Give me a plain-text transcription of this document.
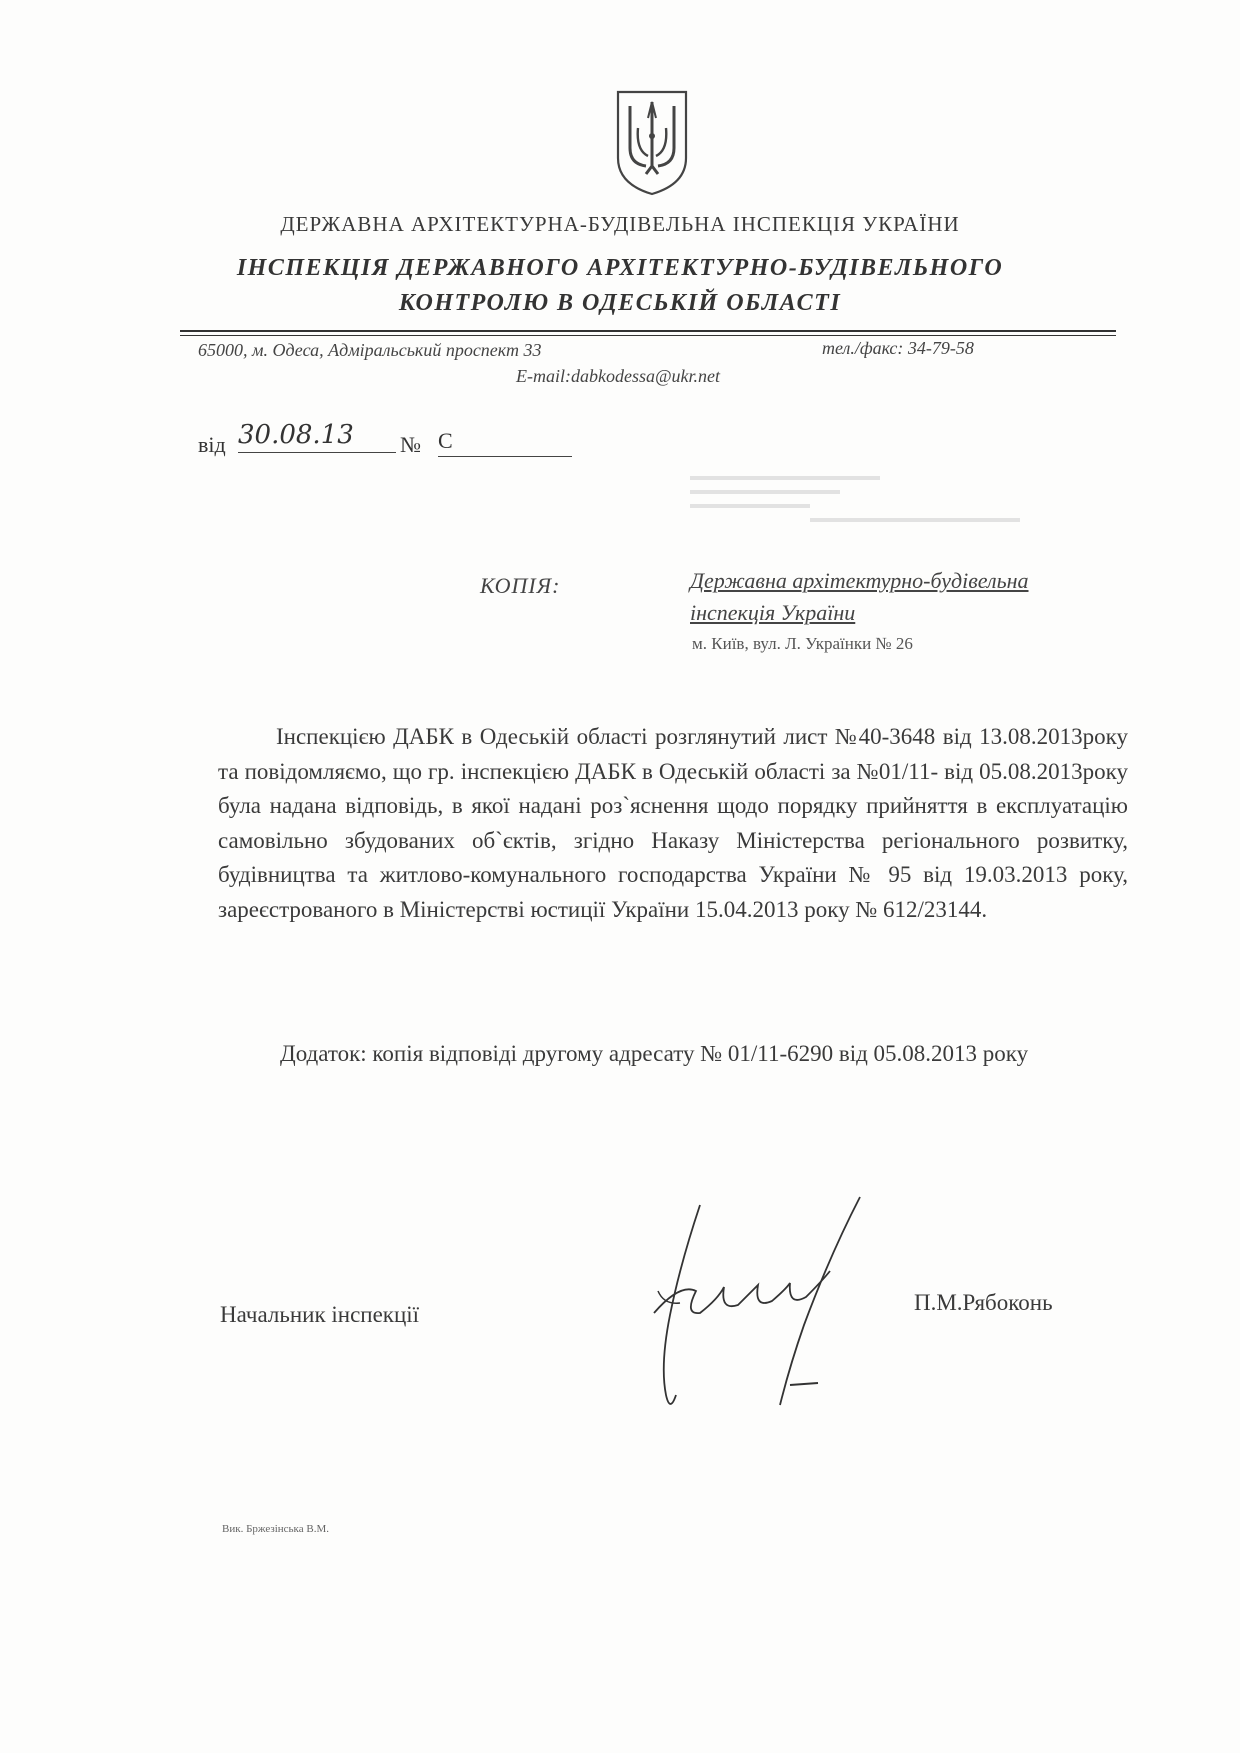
ДЕРЖАВНА АРХІТЕКТУРНА-БУДІВЕЛЬНА ІНСПЕКЦІЯ УКРАЇНИ
ІНСПЕКЦІЯ ДЕРЖАВНОГО АРХІТЕКТУРНО-БУДІВЕЛЬНОГО
КОНТРОЛЮ В ОДЕСЬКІЙ ОБЛАСТІ
65000, м. Одеса, Адміральський проспект 33	тел./факс: 34-79-58
E-mail:dabkodessa@ukr.net
від 30.08.13	№ С
КОПІЯ:	Державна архітектурно-будівельна
інспекція України
м. Київ, вул. Л. Українки № 26

Інспекцією ДАБК в Одеській області розглянутий лист №40-3648 від 13.08.2013року та повідомляємо, що гр. інспекцією ДАБК в Одеській області за №01/11- від 05.08.2013року була надана відповідь, в якої надані роз`яснення щодо порядку прийняття в експлуатацію самовільно збудованих об`єктів, згідно Наказу Міністерства регіонального розвитку, будівництва та житлово-комунального господарства України № 95 від 19.03.2013 року, зареєстрованого в Міністерстві юстиції України 15.04.2013 року № 612/23144.

Додаток: копія відповіді другому адресату № 01/11-6290 від 05.08.2013 року

Начальник інспекції	П.М.Рябоконь
Вик. Бржезінська В.М.
